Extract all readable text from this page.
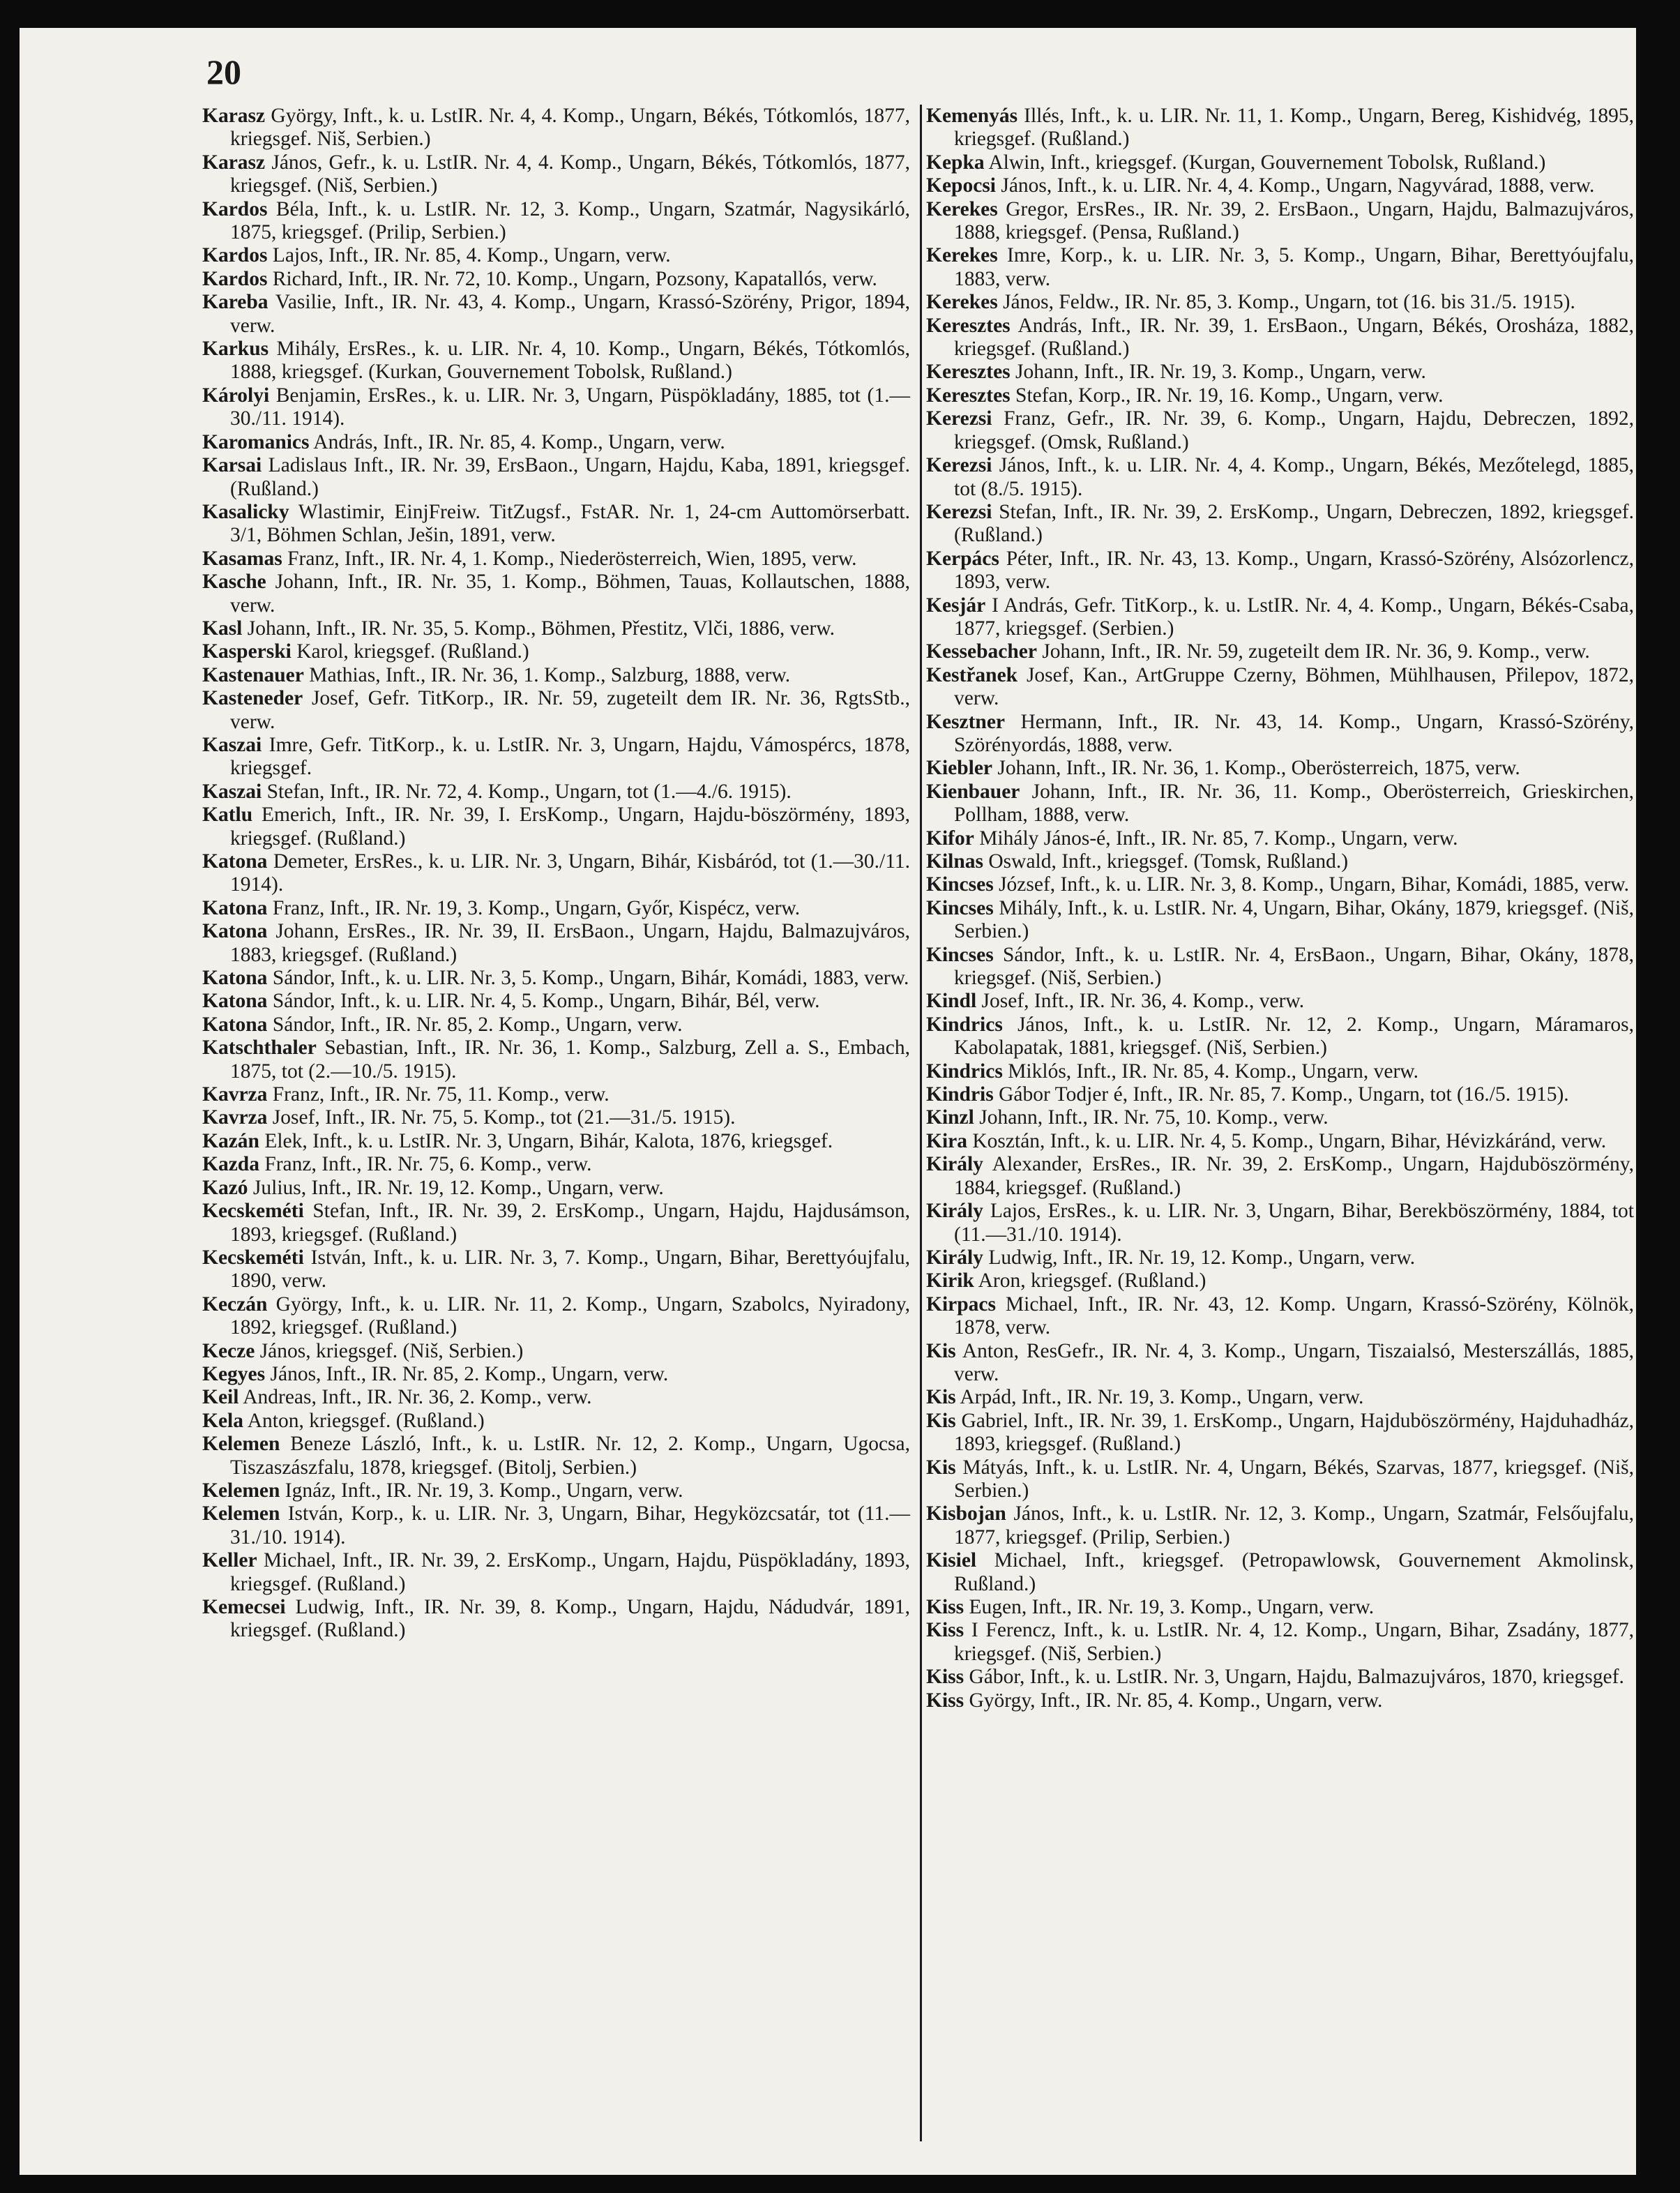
20

Karasz György, Inft., k. u. LstIR. Nr. 4, 4. Komp., Ungarn, Békés, Tótkomlós, 1877, kriegsgef. Niš, Serbien.)

Karasz János, Gefr., k. u. LstIR. Nr. 4, 4. Komp., Ungarn, Békés, Tótkomlós, 1877, kriegsgef. (Niš, Serbien.)

Kardos Béla, Inft., k. u. LstIR. Nr. 12, 3. Komp., Ungarn, Szatmár, Nagysikárló, 1875, kriegsgef. (Prilip, Serbien.)

Kardos Lajos, Inft., IR. Nr. 85, 4. Komp., Ungarn, verw.

Kardos Richard, Inft., IR. Nr. 72, 10. Komp., Ungarn, Pozsony, Kapatallós, verw.

Kareba Vasilie, Inft., IR. Nr. 43, 4. Komp., Ungarn, Krassó-Szörény, Prigor, 1894, verw.

Karkus Mihály, ErsRes., k. u. LIR. Nr. 4, 10. Komp., Ungarn, Békés, Tótkomlós, 1888, kriegsgef. (Kurkan, Gouvernement Tobolsk, Rußland.)

Károlyi Benjamin, ErsRes., k. u. LIR. Nr. 3, Ungarn, Püspökladány, 1885, tot (1.—30./11. 1914).

Karomanics András, Inft., IR. Nr. 85, 4. Komp., Ungarn, verw.

Karsai Ladislaus Inft., IR. Nr. 39, ErsBaon., Ungarn, Hajdu, Kaba, 1891, kriegsgef. (Rußland.)

Kasalicky Wlastimir, EinjFreiw. TitZugsf., FstAR. Nr. 1, 24-cm Auttomörserbatt. 3/1, Böhmen Schlan, Ješin, 1891, verw.

Kasamas Franz, Inft., IR. Nr. 4, 1. Komp., Niederösterreich, Wien, 1895, verw.

Kasche Johann, Inft., IR. Nr. 35, 1. Komp., Böhmen, Tauas, Kollautschen, 1888, verw.

Kasl Johann, Inft., IR. Nr. 35, 5. Komp., Böhmen, Přestitz, Vlči, 1886, verw.

Kasperski Karol, kriegsgef. (Rußland.)

Kastenauer Mathias, Inft., IR. Nr. 36, 1. Komp., Salzburg, 1888, verw.

Kasteneder Josef, Gefr. TitKorp., IR. Nr. 59, zugeteilt dem IR. Nr. 36, RgtsStb., verw.

Kaszai Imre, Gefr. TitKorp., k. u. LstIR. Nr. 3, Ungarn, Hajdu, Vámospércs, 1878, kriegsgef.

Kaszai Stefan, Inft., IR. Nr. 72, 4. Komp., Ungarn, tot (1.—4./6. 1915).

Katlu Emerich, Inft., IR. Nr. 39, I. ErsKomp., Ungarn, Hajdu-böszörmény, 1893, kriegsgef. (Rußland.)

Katona Demeter, ErsRes., k. u. LIR. Nr. 3, Ungarn, Bihár, Kisbáród, tot (1.—30./11. 1914).

Katona Franz, Inft., IR. Nr. 19, 3. Komp., Ungarn, Győr, Kispécz, verw.

Katona Johann, ErsRes., IR. Nr. 39, II. ErsBaon., Ungarn, Hajdu, Balmazujváros, 1883, kriegsgef. (Rußland.)

Katona Sándor, Inft., k. u. LIR. Nr. 3, 5. Komp., Ungarn, Bihár, Komádi, 1883, verw.

Katona Sándor, Inft., k. u. LIR. Nr. 4, 5. Komp., Ungarn, Bihár, Bél, verw.

Katona Sándor, Inft., IR. Nr. 85, 2. Komp., Ungarn, verw.

Katschthaler Sebastian, Inft., IR. Nr. 36, 1. Komp., Salzburg, Zell a. S., Embach, 1875, tot (2.—10./5. 1915).

Kavrza Franz, Inft., IR. Nr. 75, 11. Komp., verw.

Kavrza Josef, Inft., IR. Nr. 75, 5. Komp., tot (21.—31./5. 1915).

Kazán Elek, Inft., k. u. LstIR. Nr. 3, Ungarn, Bihár, Kalota, 1876, kriegsgef.

Kazda Franz, Inft., IR. Nr. 75, 6. Komp., verw.

Kazó Julius, Inft., IR. Nr. 19, 12. Komp., Ungarn, verw.

Kecskeméti Stefan, Inft., IR. Nr. 39, 2. ErsKomp., Ungarn, Hajdu, Hajdusámson, 1893, kriegsgef. (Rußland.)

Kecskeméti István, Inft., k. u. LIR. Nr. 3, 7. Komp., Ungarn, Bihar, Berettyóujfalu, 1890, verw.

Keczán György, Inft., k. u. LIR. Nr. 11, 2. Komp., Ungarn, Szabolcs, Nyiradony, 1892, kriegsgef. (Rußland.)

Kecze János, kriegsgef. (Niš, Serbien.)

Kegyes János, Inft., IR. Nr. 85, 2. Komp., Ungarn, verw.

Keil Andreas, Inft., IR. Nr. 36, 2. Komp., verw.

Kela Anton, kriegsgef. (Rußland.)

Kelemen Beneze László, Inft., k. u. LstIR. Nr. 12, 2. Komp., Ungarn, Ugocsa, Tiszaszászfalu, 1878, kriegsgef. (Bitolj, Serbien.)

Kelemen Ignáz, Inft., IR. Nr. 19, 3. Komp., Ungarn, verw.

Kelemen István, Korp., k. u. LIR. Nr. 3, Ungarn, Bihar, Hegyközcsatár, tot (11.—31./10. 1914).

Keller Michael, Inft., IR. Nr. 39, 2. ErsKomp., Ungarn, Hajdu, Püspökladány, 1893, kriegsgef. (Rußland.)

Kemecsei Ludwig, Inft., IR. Nr. 39, 8. Komp., Ungarn, Hajdu, Nádudvár, 1891, kriegsgef. (Rußland.)

Kemenyás Illés, Inft., k. u. LIR. Nr. 11, 1. Komp., Ungarn, Bereg, Kishidvég, 1895, kriegsgef. (Rußland.)

Kepka Alwin, Inft., kriegsgef. (Kurgan, Gouvernement Tobolsk, Rußland.)

Kepocsi János, Inft., k. u. LIR. Nr. 4, 4. Komp., Ungarn, Nagyvárad, 1888, verw.

Kerekes Gregor, ErsRes., IR. Nr. 39, 2. ErsBaon., Ungarn, Hajdu, Balmazujváros, 1888, kriegsgef. (Pensa, Rußland.)

Kerekes Imre, Korp., k. u. LIR. Nr. 3, 5. Komp., Ungarn, Bihar, Berettyóujfalu, 1883, verw.

Kerekes János, Feldw., IR. Nr. 85, 3. Komp., Ungarn, tot (16. bis 31./5. 1915).

Keresztes András, Inft., IR. Nr. 39, 1. ErsBaon., Ungarn, Békés, Orosháza, 1882, kriegsgef. (Rußland.)

Keresztes Johann, Inft., IR. Nr. 19, 3. Komp., Ungarn, verw.

Keresztes Stefan, Korp., IR. Nr. 19, 16. Komp., Ungarn, verw.

Kerezsi Franz, Gefr., IR. Nr. 39, 6. Komp., Ungarn, Hajdu, Debreczen, 1892, kriegsgef. (Omsk, Rußland.)

Kerezsi János, Inft., k. u. LIR. Nr. 4, 4. Komp., Ungarn, Békés, Mezőtelegd, 1885, tot (8./5. 1915).

Kerezsi Stefan, Inft., IR. Nr. 39, 2. ErsKomp., Ungarn, Debreczen, 1892, kriegsgef. (Rußland.)

Kerpács Péter, Inft., IR. Nr. 43, 13. Komp., Ungarn, Krassó-Szörény, Alsózorlencz, 1893, verw.

Kesjár I András, Gefr. TitKorp., k. u. LstIR. Nr. 4, 4. Komp., Ungarn, Békés-Csaba, 1877, kriegsgef. (Serbien.)

Kessebacher Johann, Inft., IR. Nr. 59, zugeteilt dem IR. Nr. 36, 9. Komp., verw.

Kestřanek Josef, Kan., ArtGruppe Czerny, Böhmen, Mühlhausen, Přilepov, 1872, verw.

Kesztner Hermann, Inft., IR. Nr. 43, 14. Komp., Ungarn, Krassó-Szörény, Szörényordás, 1888, verw.

Kiebler Johann, Inft., IR. Nr. 36, 1. Komp., Oberösterreich, 1875, verw.

Kienbauer Johann, Inft., IR. Nr. 36, 11. Komp., Oberösterreich, Grieskirchen, Pollham, 1888, verw.

Kifor Mihály János-é, Inft., IR. Nr. 85, 7. Komp., Ungarn, verw.

Kilnas Oswald, Inft., kriegsgef. (Tomsk, Rußland.)

Kincses József, Inft., k. u. LIR. Nr. 3, 8. Komp., Ungarn, Bihar, Komádi, 1885, verw.

Kincses Mihály, Inft., k. u. LstIR. Nr. 4, Ungarn, Bihar, Okány, 1879, kriegsgef. (Niš, Serbien.)

Kincses Sándor, Inft., k. u. LstIR. Nr. 4, ErsBaon., Ungarn, Bihar, Okány, 1878, kriegsgef. (Niš, Serbien.)

Kindl Josef, Inft., IR. Nr. 36, 4. Komp., verw.

Kindrics János, Inft., k. u. LstIR. Nr. 12, 2. Komp., Ungarn, Máramaros, Kabolapatak, 1881, kriegsgef. (Niš, Serbien.)

Kindrics Miklós, Inft., IR. Nr. 85, 4. Komp., Ungarn, verw.

Kindris Gábor Todjer é, Inft., IR. Nr. 85, 7. Komp., Ungarn, tot (16./5. 1915).

Kinzl Johann, Inft., IR. Nr. 75, 10. Komp., verw.

Kira Kosztán, Inft., k. u. LIR. Nr. 4, 5. Komp., Ungarn, Bihar, Hévizkáránd, verw.

Király Alexander, ErsRes., IR. Nr. 39, 2. ErsKomp., Ungarn, Hajduböszörmény, 1884, kriegsgef. (Rußland.)

Király Lajos, ErsRes., k. u. LIR. Nr. 3, Ungarn, Bihar, Berekböszörmény, 1884, tot (11.—31./10. 1914).

Király Ludwig, Inft., IR. Nr. 19, 12. Komp., Ungarn, verw.

Kirik Aron, kriegsgef. (Rußland.)

Kirpacs Michael, Inft., IR. Nr. 43, 12. Komp. Ungarn, Krassó-Szörény, Kölnök, 1878, verw.

Kis Anton, ResGefr., IR. Nr. 4, 3. Komp., Ungarn, Tiszaialsó, Mesterszállás, 1885, verw.

Kis Arpád, Inft., IR. Nr. 19, 3. Komp., Ungarn, verw.

Kis Gabriel, Inft., IR. Nr. 39, 1. ErsKomp., Ungarn, Hajduböszörmény, Hajduhadház, 1893, kriegsgef. (Rußland.)

Kis Mátyás, Inft., k. u. LstIR. Nr. 4, Ungarn, Békés, Szarvas, 1877, kriegsgef. (Niš, Serbien.)

Kisbojan János, Inft., k. u. LstIR. Nr. 12, 3. Komp., Ungarn, Szatmár, Felsőujfalu, 1877, kriegsgef. (Prilip, Serbien.)

Kisiel Michael, Inft., kriegsgef. (Petropawlowsk, Gouvernement Akmolinsk, Rußland.)

Kiss Eugen, Inft., IR. Nr. 19, 3. Komp., Ungarn, verw.

Kiss I Ferencz, Inft., k. u. LstIR. Nr. 4, 12. Komp., Ungarn, Bihar, Zsadány, 1877, kriegsgef. (Niš, Serbien.)

Kiss Gábor, Inft., k. u. LstIR. Nr. 3, Ungarn, Hajdu, Balmazujváros, 1870, kriegsgef.

Kiss György, Inft., IR. Nr. 85, 4. Komp., Ungarn, verw.
